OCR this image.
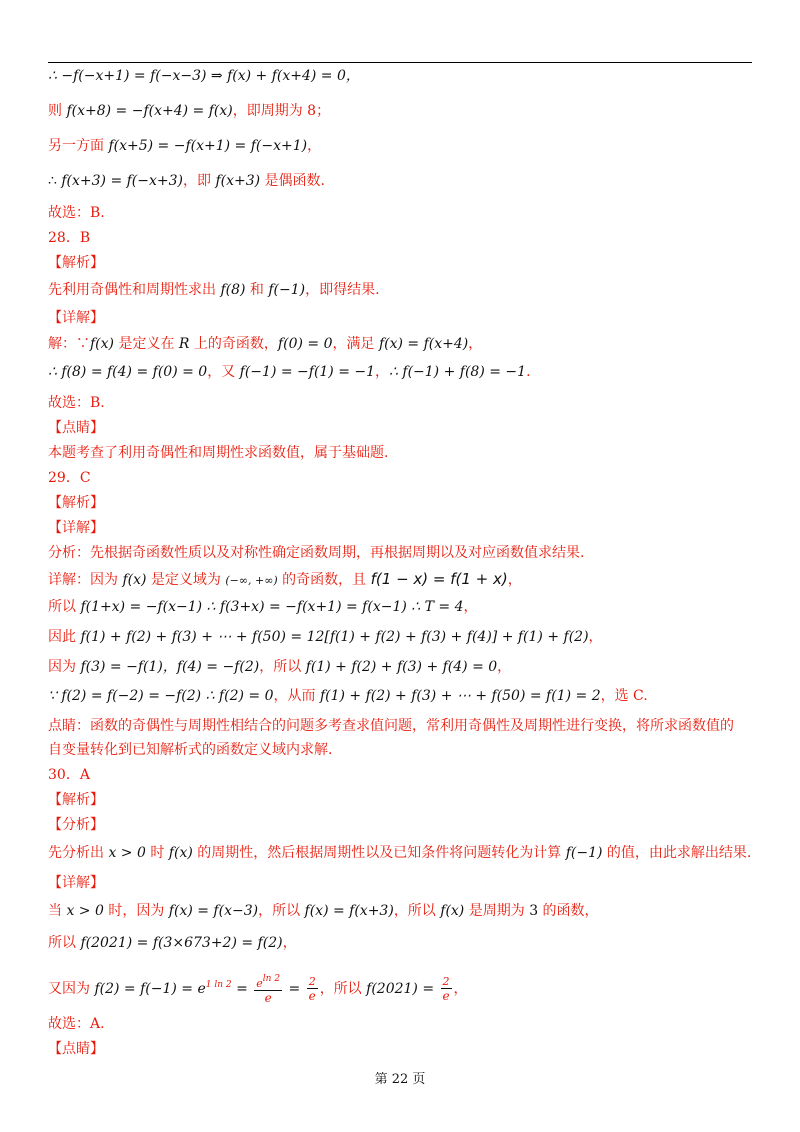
∴ −f(−x+1) = f(−x−3) ⇒ f(x) + f(x+4) = 0，
则 f(x+8) = −f(x+4) = f(x)，即周期为 8；
另一方面 f(x+5) = −f(x+1) = f(−x+1)，
∴ f(x+3) = f(−x+3)，即 f(x+3) 是偶函数.
故选：B.
28．B
【解析】
先利用奇偶性和周期性求出 f(8) 和 f(−1)，即得结果.
【详解】
解：∵f(x) 是定义在 R 上的奇函数，f(0) = 0，满足 f(x) = f(x+4)，
∴ f(8) = f(4) = f(0) = 0，又 f(−1) = −f(1) = −1，∴ f(−1) + f(8) = −1.
故选：B.
【点睛】
本题考查了利用奇偶性和周期性求函数值，属于基础题.
29．C
【解析】
【详解】
分析：先根据奇函数性质以及对称性确定函数周期，再根据周期以及对应函数值求结果.
详解：因为 f(x) 是定义域为 (−∞, +∞) 的奇函数，且 f(1 − x) = f(1 + x)，
所以 f(1+x) = −f(x−1) ∴ f(3+x) = −f(x+1) = f(x−1) ∴ T = 4，
因此 f(1) + f(2) + f(3) + ⋯ + f(50) = 12[f(1) + f(2) + f(3) + f(4)] + f(1) + f(2)，
因为 f(3) = −f(1)，f(4) = −f(2)，所以 f(1) + f(2) + f(3) + f(4) = 0，
∵ f(2) = f(−2) = −f(2) ∴ f(2) = 0，从而 f(1) + f(2) + f(3) + ⋯ + f(50) = f(1) = 2，选 C.
点睛：函数的奇偶性与周期性相结合的问题多考查求值问题，常利用奇偶性及周期性进行变换，将所求函数值的
自变量转化到已知解析式的函数定义域内求解.
30．A
【解析】
【分析】
先分析出 x > 0 时 f(x) 的周期性，然后根据周期性以及已知条件将问题转化为计算 f(−1) 的值，由此求解出结果.
【详解】
当 x > 0 时，因为 f(x) = f(x−3)，所以 f(x) = f(x+3)，所以 f(x) 是周期为 3 的函数，
所以 f(2021) = f(3×673+2) = f(2)，
又因为 $f(2) = f(-1) = e^{1 ln 2} = \frac{e^{ln 2}}{e} = \frac{2}{e}$ ，所以 $f(2021) = \frac{2}{e}$ ，
故选：A.
【点睛】
第 22 页
